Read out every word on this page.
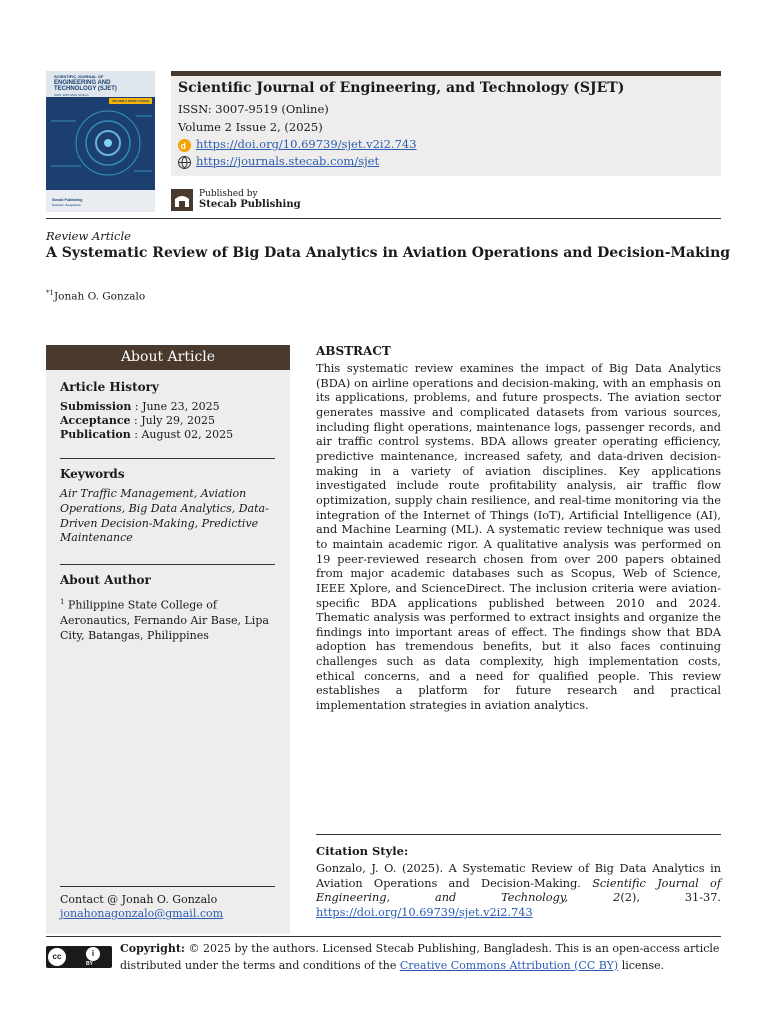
SCIENTIFIC JOURNAL OF
ENGINEERING AND
TECHNOLOGY (SJET)
ISSN: 3007-9519 (Online)
VOLUME 2 ISSUE 2 (2025)
Stecab Publishing
Rajshahi, Bangladesh
Scientific Journal of Engineering, and Technology (SJET)
ISSN: 3007-9519 (Online)
Volume 2 Issue 2, (2025)
d https://doi.org/10.69739/sjet.v2i2.743
https://journals.stecab.com/sjet
Published by
Stecab Publishing
Review Article
A Systematic Review of Big Data Analytics in Aviation Operations and Decision-Making
$^{*1}$Jonah O. Gonzalo
About Article
Article History
Submission : June 23, 2025
Acceptance : July 29, 2025
Publication : August 02, 2025
Keywords
Air Traffic Management, Aviation Operations, Big Data Analytics, Data-Driven Decision-Making, Predictive Maintenance
About Author
$^1$ Philippine State College of Aeronautics, Fernando Air Base, Lipa City, Batangas, Philippines
Contact @ Jonah O. Gonzalo
jonahonagonzalo@gmail.com
ABSTRACT
This systematic review examines the impact of Big Data Analytics (BDA) on airline operations and decision-making, with an emphasis on its applications, problems, and future prospects. The aviation sector generates massive and complicated datasets from various sources, including flight operations, maintenance logs, passenger records, and air traffic control systems. BDA allows greater operating efficiency, predictive maintenance, increased safety, and data-driven decision-making in a variety of aviation disciplines. Key applications investigated include route profitability analysis, air traffic flow optimization, supply chain resilience, and real-time monitoring via the integration of the Internet of Things (IoT), Artificial Intelligence (AI), and Machine Learning (ML). A systematic review technique was used to maintain academic rigor. A qualitative analysis was performed on 19 peer-reviewed research chosen from over 200 papers obtained from major academic databases such as Scopus, Web of Science, IEEE Xplore, and ScienceDirect. The inclusion criteria were aviation-specific BDA applications published between 2010 and 2024. Thematic analysis was performed to extract insights and organize the findings into important areas of effect. The findings show that BDA adoption has tremendous benefits, but it also faces continuing challenges such as data complexity, high implementation costs, ethical concerns, and a need for qualified people. This review establishes a platform for future research and practical implementation strategies in aviation analytics.
Citation Style:
Gonzalo, J. O. (2025). A Systematic Review of Big Data Analytics in Aviation Operations and Decision-Making. Scientific Journal of Engineering, and Technology,	2(2), 31-37. https://doi.org/10.69739/sjet.v2i2.743
cc	i
BY
Copyright: © 2025 by the authors. Licensed Stecab Publishing, Bangladesh. This is an open-access article distributed under the terms and conditions of the Creative Commons Attribution (CC BY) license.
